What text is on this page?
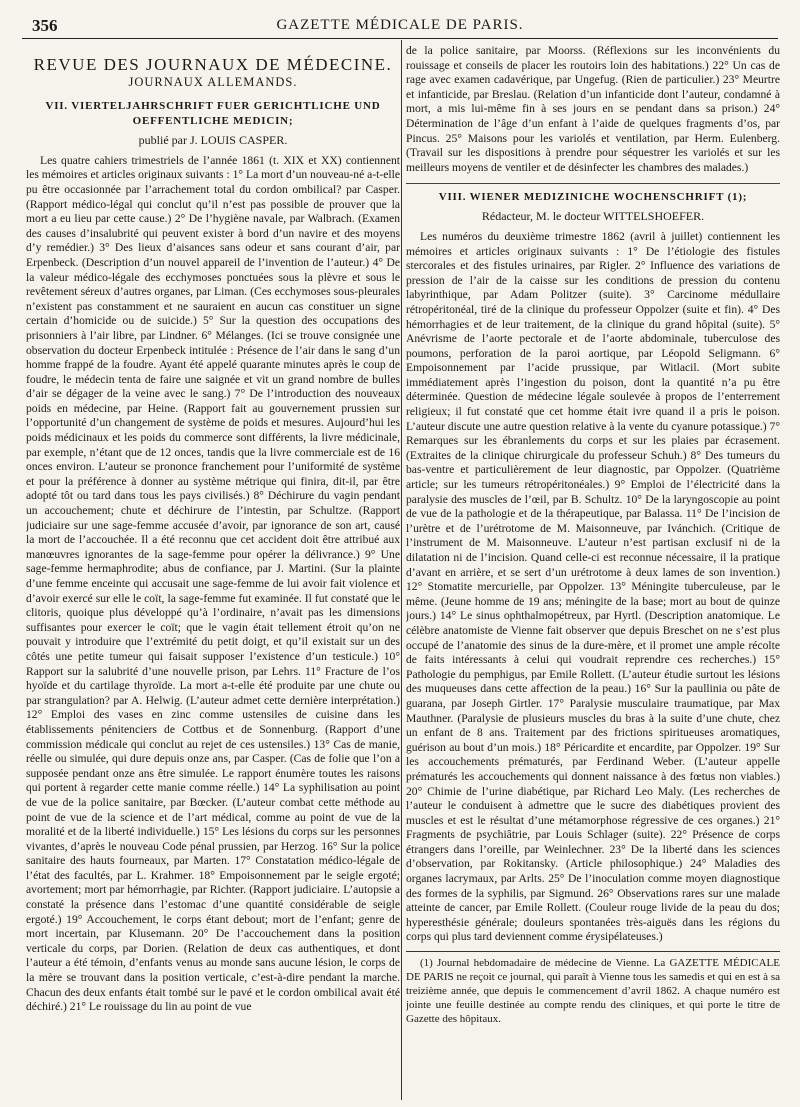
356	GAZETTE MÉDICALE DE PARIS.
REVUE DES JOURNAUX DE MÉDECINE.
JOURNAUX ALLEMANDS.
VII. VIERTELJAHRSCHRIFT FUER GERICHTLICHE UND OEFFENTLICHE MEDICIN;
publié par J. LOUIS CASPER.

Les quatre cahiers trimestriels de l’année 1861 (t. XIX et XX) contiennent les mémoires et articles originaux suivants : 1° La mort d’un nouveau-né a-t-elle pu être occasionnée par l’arrachement total du cordon ombilical? par Casper. (Rapport médico-légal qui conclut qu’il n’est pas possible de prouver que la mort a eu lieu par cette cause.) 2° De l’hygiène navale, par Walbrach. (Examen des causes d’insalubrité qui peuvent exister à bord d’un navire et des moyens d’y remédier.) 3° Des lieux d’aisances sans odeur et sans courant d’air, par Erpenbeck. (Description d’un nouvel appareil de l’invention de l’auteur.) 4° De la valeur médico-légale des ecchymoses ponctuées sous la plèvre et sous le revêtement séreux d’autres organes, par Liman. (Ces ecchymoses sous-pleurales n’existent pas constamment et ne sauraient en aucun cas constituer un signe certain d’homicide ou de suicide.) 5° Sur la question des occupations des prisonniers à l’air libre, par Lindner. 6° Mélanges. (Ici se trouve consignée une observation du docteur Erpenbeck intitulée : Présence de l’air dans le sang d’un homme frappé de la foudre. Ayant été appelé quarante minutes après le coup de foudre, le médecin tenta de faire une saignée et vit un grand nombre de bulles d’air se dégager de la veine avec le sang.) 7° De l’introduction des nouveaux poids en médecine, par Heine. (Rapport fait au gouvernement prussien sur l’opportunité d’un changement de système de poids et mesures. Aujourd’hui les poids médicinaux et les poids du commerce sont différents, la livre médicinale, par exemple, n’étant que de 12 onces, tandis que la livre commerciale est de 16 onces environ. L’auteur se prononce franchement pour l’uniformité de système et pour la préférence à donner au système métrique qui finira, dit-il, par être adopté tôt ou tard dans tous les pays civilisés.) 8° Déchirure du vagin pendant un accouchement; chute et déchirure de l’intestin, par Schultze. (Rapport judiciaire sur une sage-femme accusée d’avoir, par ignorance de son art, causé la mort de l’accouchée. Il a été reconnu que cet accident doit être attribué aux manœuvres ignorantes de la sage-femme pour opérer la délivrance.) 9° Une sage-femme hermaphrodite; abus de confiance, par J. Martini. (Sur la plainte d’une femme enceinte qui accusait une sage-femme de lui avoir fait violence et d’avoir exercé sur elle le coït, la sage-femme fut examinée. Il fut constaté que le clitoris, quoique plus développé qu’à l’ordinaire, n’avait pas les dimensions suffisantes pour exercer le coït; que le vagin était tellement étroit qu’on ne pouvait y introduire que l’extrémité du petit doigt, et qu’il existait sur un des côtés une petite tumeur qui faisait supposer l’existence d’un testicule.) 10° Rapport sur la salubrité d’une nouvelle prison, par Lehrs. 11° Fracture de l’os hyoïde et du cartilage thyroïde. La mort a-t-elle été produite par une chute ou par strangulation? par A. Helwig. (L’auteur admet cette dernière interprétation.) 12° Emploi des vases en zinc comme ustensiles de cuisine dans les établissements pénitenciers de Cottbus et de Sonnenburg. (Rapport d’une commission médicale qui conclut au rejet de ces ustensiles.) 13° Cas de manie, réelle ou simulée, qui dure depuis onze ans, par Casper. (Cas de folie que l’on a supposée pendant onze ans être simulée. Le rapport énumère toutes les raisons qui portent à regarder cette manie comme réelle.) 14° La syphilisation au point de vue de la police sanitaire, par Bœcker. (L’auteur combat cette méthode au point de vue de la science et de l’art médical, comme au point de vue de la moralité et de la liberté individuelle.) 15° Les lésions du corps sur les personnes vivantes, d’après le nouveau Code pénal prussien, par Herzog. 16° Sur la police sanitaire des hauts fourneaux, par Marten. 17° Constatation médico-légale de l’état des facultés, par L. Krahmer. 18° Empoisonnement par le seigle ergoté; avortement; mort par hémorrhagie, par Richter. (Rapport judiciaire. L’autopsie a constaté la présence dans l’estomac d’une quantité considérable de seigle ergoté.) 19° Accouchement, le corps étant debout; mort de l’enfant; genre de mort incertain, par Klusemann. 20° De l’accouchement dans la position verticale du corps, par Dorien. (Relation de deux cas authentiques, et dont l’auteur a été témoin, d’enfants venus au monde sans aucune lésion, le corps de la mère se trouvant dans la position verticale, c’est-à-dire pendant la marche. Chacun des deux enfants était tombé sur le pavé et le cordon ombilical avait été déchiré.) 21° Le rouissage du lin au point de vue

de la police sanitaire, par Moorss. (Réflexions sur les inconvénients du rouissage et conseils de placer les routoirs loin des habitations.) 22° Un cas de rage avec examen cadavérique, par Ungefug. (Rien de particulier.) 23° Meurtre et infanticide, par Breslau. (Relation d’un infanticide dont l’auteur, condamné à mort, a mis lui-même fin à ses jours en se pendant dans sa prison.) 24° Détermination de l’âge d’un enfant à l’aide de quelques fragments d’os, par Pincus. 25° Maisons pour les variolés et ventilation, par Herm. Eulenberg. (Travail sur les dispositions à prendre pour séquestrer les variolés et sur les meilleurs moyens de ventiler et de désinfecter les chambres des malades.)

VIII. WIENER MEDIZINICHE WOCHENSCHRIFT (1);
Rédacteur, M. le docteur WITTELSHOEFER.

Les numéros du deuxième trimestre 1862 (avril à juillet) contiennent les mémoires et articles originaux suivants : 1° De l’étiologie des fistules stercorales et des fistules urinaires, par Rigler. 2° Influence des variations de pression de l’air de la caisse sur les conditions de pression du contenu labyrinthique, par Adam Politzer (suite). 3° Carcinome médullaire rétropéritonéal, tiré de la clinique du professeur Oppolzer (suite et fin). 4° Des hémorrhagies et de leur traitement, de la clinique du grand hôpital (suite). 5° Anévrisme de l’aorte pectorale et de l’aorte abdominale, tuberculose des poumons, perforation de la paroi aortique, par Léopold Seligmann. 6° Empoisonnement par l’acide prussique, par Witlacil. (Mort subite immédiatement après l’ingestion du poison, dont la quantité n’a pu être déterminée. Question de médecine légale soulevée à propos de l’enterrement religieux; il fut constaté que cet homme était ivre quand il a pris le poison. L’auteur discute une autre question relative à la vente du cyanure potassique.) 7° Remarques sur les ébranlements du corps et sur les plaies par écrasement. (Extraites de la clinique chirurgicale du professeur Schuh.) 8° Des tumeurs du bas-ventre et particulièrement de leur diagnostic, par Oppolzer. (Quatrième article; sur les tumeurs rétropéritonéales.) 9° Emploi de l’électricité dans la paralysie des muscles de l’œil, par B. Schultz. 10° De la laryngoscopie au point de vue de la pathologie et de la thérapeutique, par Balassa. 11° De l’incision de l’urètre et de l’urétrotome de M. Maisonneuve, par Ivánchich. (Critique de l’instrument de M. Maisonneuve. L’auteur n’est partisan exclusif ni de la dilatation ni de l’incision. Quand celle-ci est reconnue nécessaire, il la pratique d’avant en arrière, et se sert d’un urétrotome à deux lames de son invention.) 12° Stomatite mercurielle, par Oppolzer. 13° Méningite tuberculeuse, par le même. (Jeune homme de 19 ans; méningite de la base; mort au bout de quinze jours.) 14° Le sinus ophthalmopétreux, par Hyrtl. (Description anatomique. Le célèbre anatomiste de Vienne fait observer que depuis Breschet on ne s’est plus occupé de l’anatomie des sinus de la dure-mère, et il promet une ample récolte de faits intéressants à celui qui voudrait reprendre ces recherches.) 15° Pathologie du pemphigus, par Emile Rollett. (L’auteur étudie surtout les lésions des muqueuses dans cette affection de la peau.) 16° Sur la paullinia ou pâte de guarana, par Joseph Girtler. 17° Paralysie musculaire traumatique, par Max Mauthner. (Paralysie de plusieurs muscles du bras à la suite d’une chute, chez un enfant de 8 ans. Traitement par des frictions spiritueuses aromatiques, guérison au bout d’un mois.) 18° Péricardite et encardite, par Oppolzer. 19° Sur les accouchements prématurés, par Ferdinand Weber. (L’auteur appelle prématurés les accouchements qui donnent naissance à des fœtus non viables.) 20° Chimie de l’urine diabétique, par Richard Leo Maly. (Les recherches de l’auteur le conduisent à admettre que le sucre des diabétiques provient des muscles et est le résultat d’une métamorphose régressive de ces organes.) 21° Fragments de psychiâtrie, par Louis Schlager (suite). 22° Présence de corps étrangers dans l’oreille, par Weinlechner. 23° De la liberté dans les sciences d’observation, par Rokitansky. (Article philosophique.) 24° Maladies des organes lacrymaux, par Arlts. 25° De l’inoculation comme moyen diagnostique des formes de la syphilis, par Sigmund. 26° Observations rares sur une malade atteinte de cancer, par Emile Rollett. (Couleur rouge livide de la peau du dos; hyperesthésie générale; douleurs spontanées très-aiguës dans les régions du corps qui plus tard deviennent comme érysipélateuses.)

(1) Journal hebdomadaire de médecine de Vienne. La GAZETTE MÉDICALE DE PARIS ne reçoit ce journal, qui paraît à Vienne tous les samedis et qui en est à sa treizième année, que depuis le commencement d’avril 1862. A chaque numéro est jointe une feuille destinée au compte rendu des cliniques, et qui porte le titre de Gazette des hôpitaux.
